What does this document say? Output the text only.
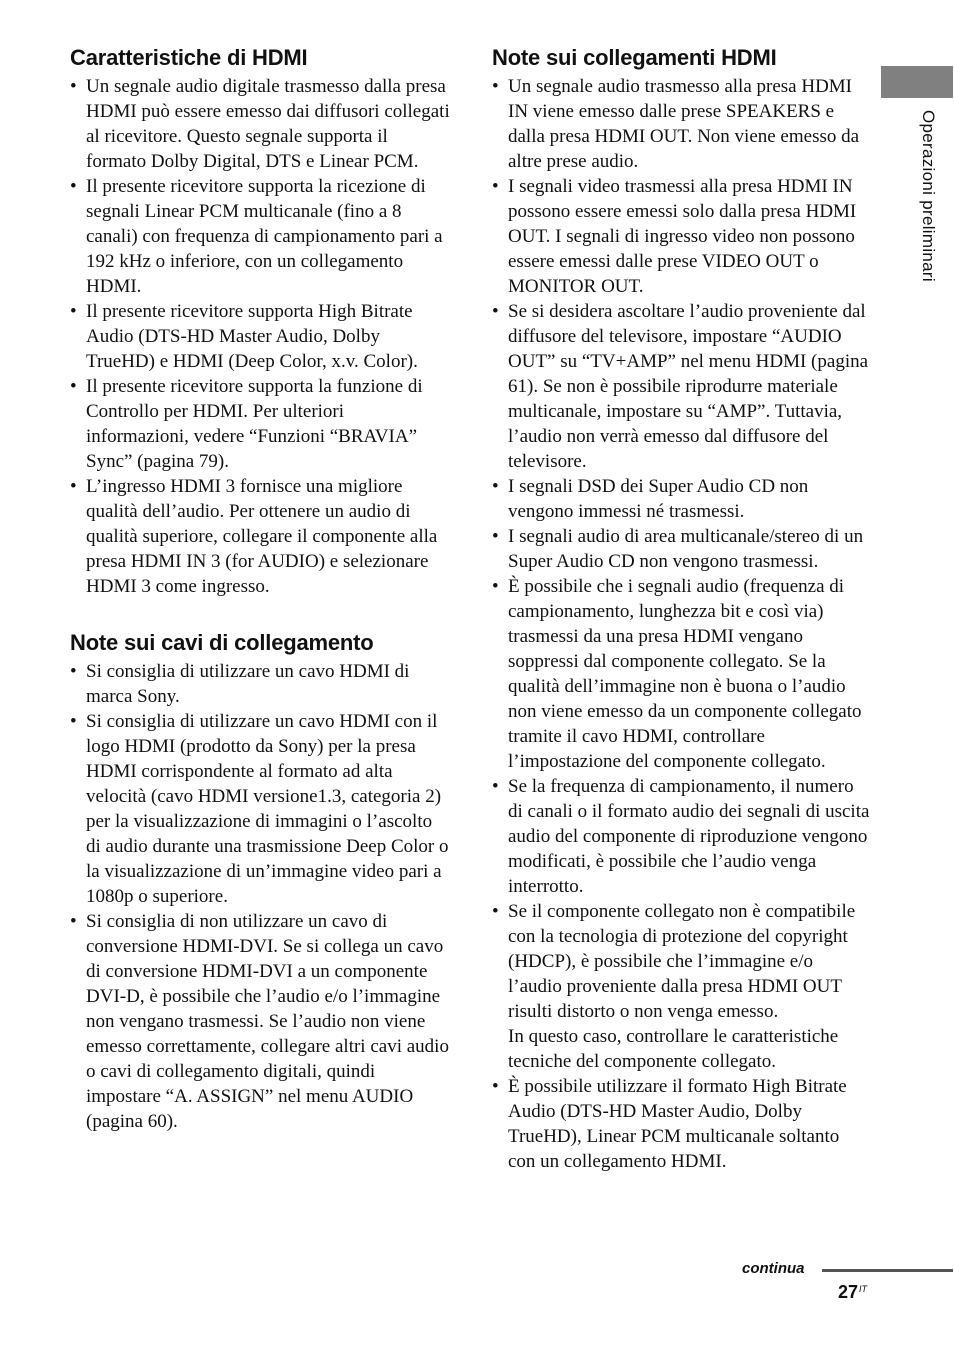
Operazioni preliminari
Caratteristiche di HDMI
• Un segnale audio digitale trasmesso dalla presa HDMI può essere emesso dai diffusori collegati al ricevitore. Questo segnale supporta il formato Dolby Digital, DTS e Linear PCM.
• Il presente ricevitore supporta la ricezione di segnali Linear PCM multicanale (fino a 8 canali) con frequenza di campionamento pari a 192 kHz o inferiore, con un collegamento HDMI.
• Il presente ricevitore supporta High Bitrate Audio (DTS-HD Master Audio, Dolby TrueHD) e HDMI (Deep Color, x.v. Color).
• Il presente ricevitore supporta la funzione di Controllo per HDMI. Per ulteriori informazioni, vedere “Funzioni “BRAVIA” Sync” (pagina 79).
• L’ingresso HDMI 3 fornisce una migliore qualità dell’audio. Per ottenere un audio di qualità superiore, collegare il componente alla presa HDMI IN 3 (for AUDIO) e selezionare HDMI 3 come ingresso.
Note sui cavi di collegamento
• Si consiglia di utilizzare un cavo HDMI di marca Sony.
• Si consiglia di utilizzare un cavo HDMI con il logo HDMI (prodotto da Sony) per la presa HDMI corrispondente al formato ad alta velocità (cavo HDMI versione1.3, categoria 2) per la visualizzazione di immagini o l’ascolto di audio durante una trasmissione Deep Color o la visualizzazione di un’immagine video pari a 1080p o superiore.
• Si consiglia di non utilizzare un cavo di conversione HDMI-DVI. Se si collega un cavo di conversione HDMI-DVI a un componente DVI-D, è possibile che l’audio e/o l’immagine non vengano trasmessi. Se l’audio non viene emesso correttamente, collegare altri cavi audio o cavi di collegamento digitali, quindi impostare “A. ASSIGN” nel menu AUDIO (pagina 60).
Note sui collegamenti HDMI
• Un segnale audio trasmesso alla presa HDMI IN viene emesso dalle prese SPEAKERS e dalla presa HDMI OUT. Non viene emesso da altre prese audio.
• I segnali video trasmessi alla presa HDMI IN possono essere emessi solo dalla presa HDMI OUT. I segnali di ingresso video non possono essere emessi dalle prese VIDEO OUT o MONITOR OUT.
• Se si desidera ascoltare l’audio proveniente dal diffusore del televisore, impostare “AUDIO OUT” su “TV+AMP” nel menu HDMI (pagina 61). Se non è possibile riprodurre materiale multicanale, impostare su “AMP”. Tuttavia, l’audio non verrà emesso dal diffusore del televisore.
• I segnali DSD dei Super Audio CD non vengono immessi né trasmessi.
• I segnali audio di area multicanale/stereo di un Super Audio CD non vengono trasmessi.
• È possibile che i segnali audio (frequenza di campionamento, lunghezza bit e così via) trasmessi da una presa HDMI vengano soppressi dal componente collegato. Se la qualità dell’immagine non è buona o l’audio non viene emesso da un componente collegato tramite il cavo HDMI, controllare l’impostazione del componente collegato.
• Se la frequenza di campionamento, il numero di canali o il formato audio dei segnali di uscita audio del componente di riproduzione vengono modificati, è possibile che l’audio venga interrotto.
• Se il componente collegato non è compatibile con la tecnologia di protezione del copyright (HDCP), è possibile che l’immagine e/o l’audio proveniente dalla presa HDMI OUT risulti distorto o non venga emesso.
In questo caso, controllare le caratteristiche tecniche del componente collegato.
• È possibile utilizzare il formato High Bitrate Audio (DTS-HD Master Audio, Dolby TrueHD), Linear PCM multicanale soltanto con un collegamento HDMI.
continua
$27^{IT}$
